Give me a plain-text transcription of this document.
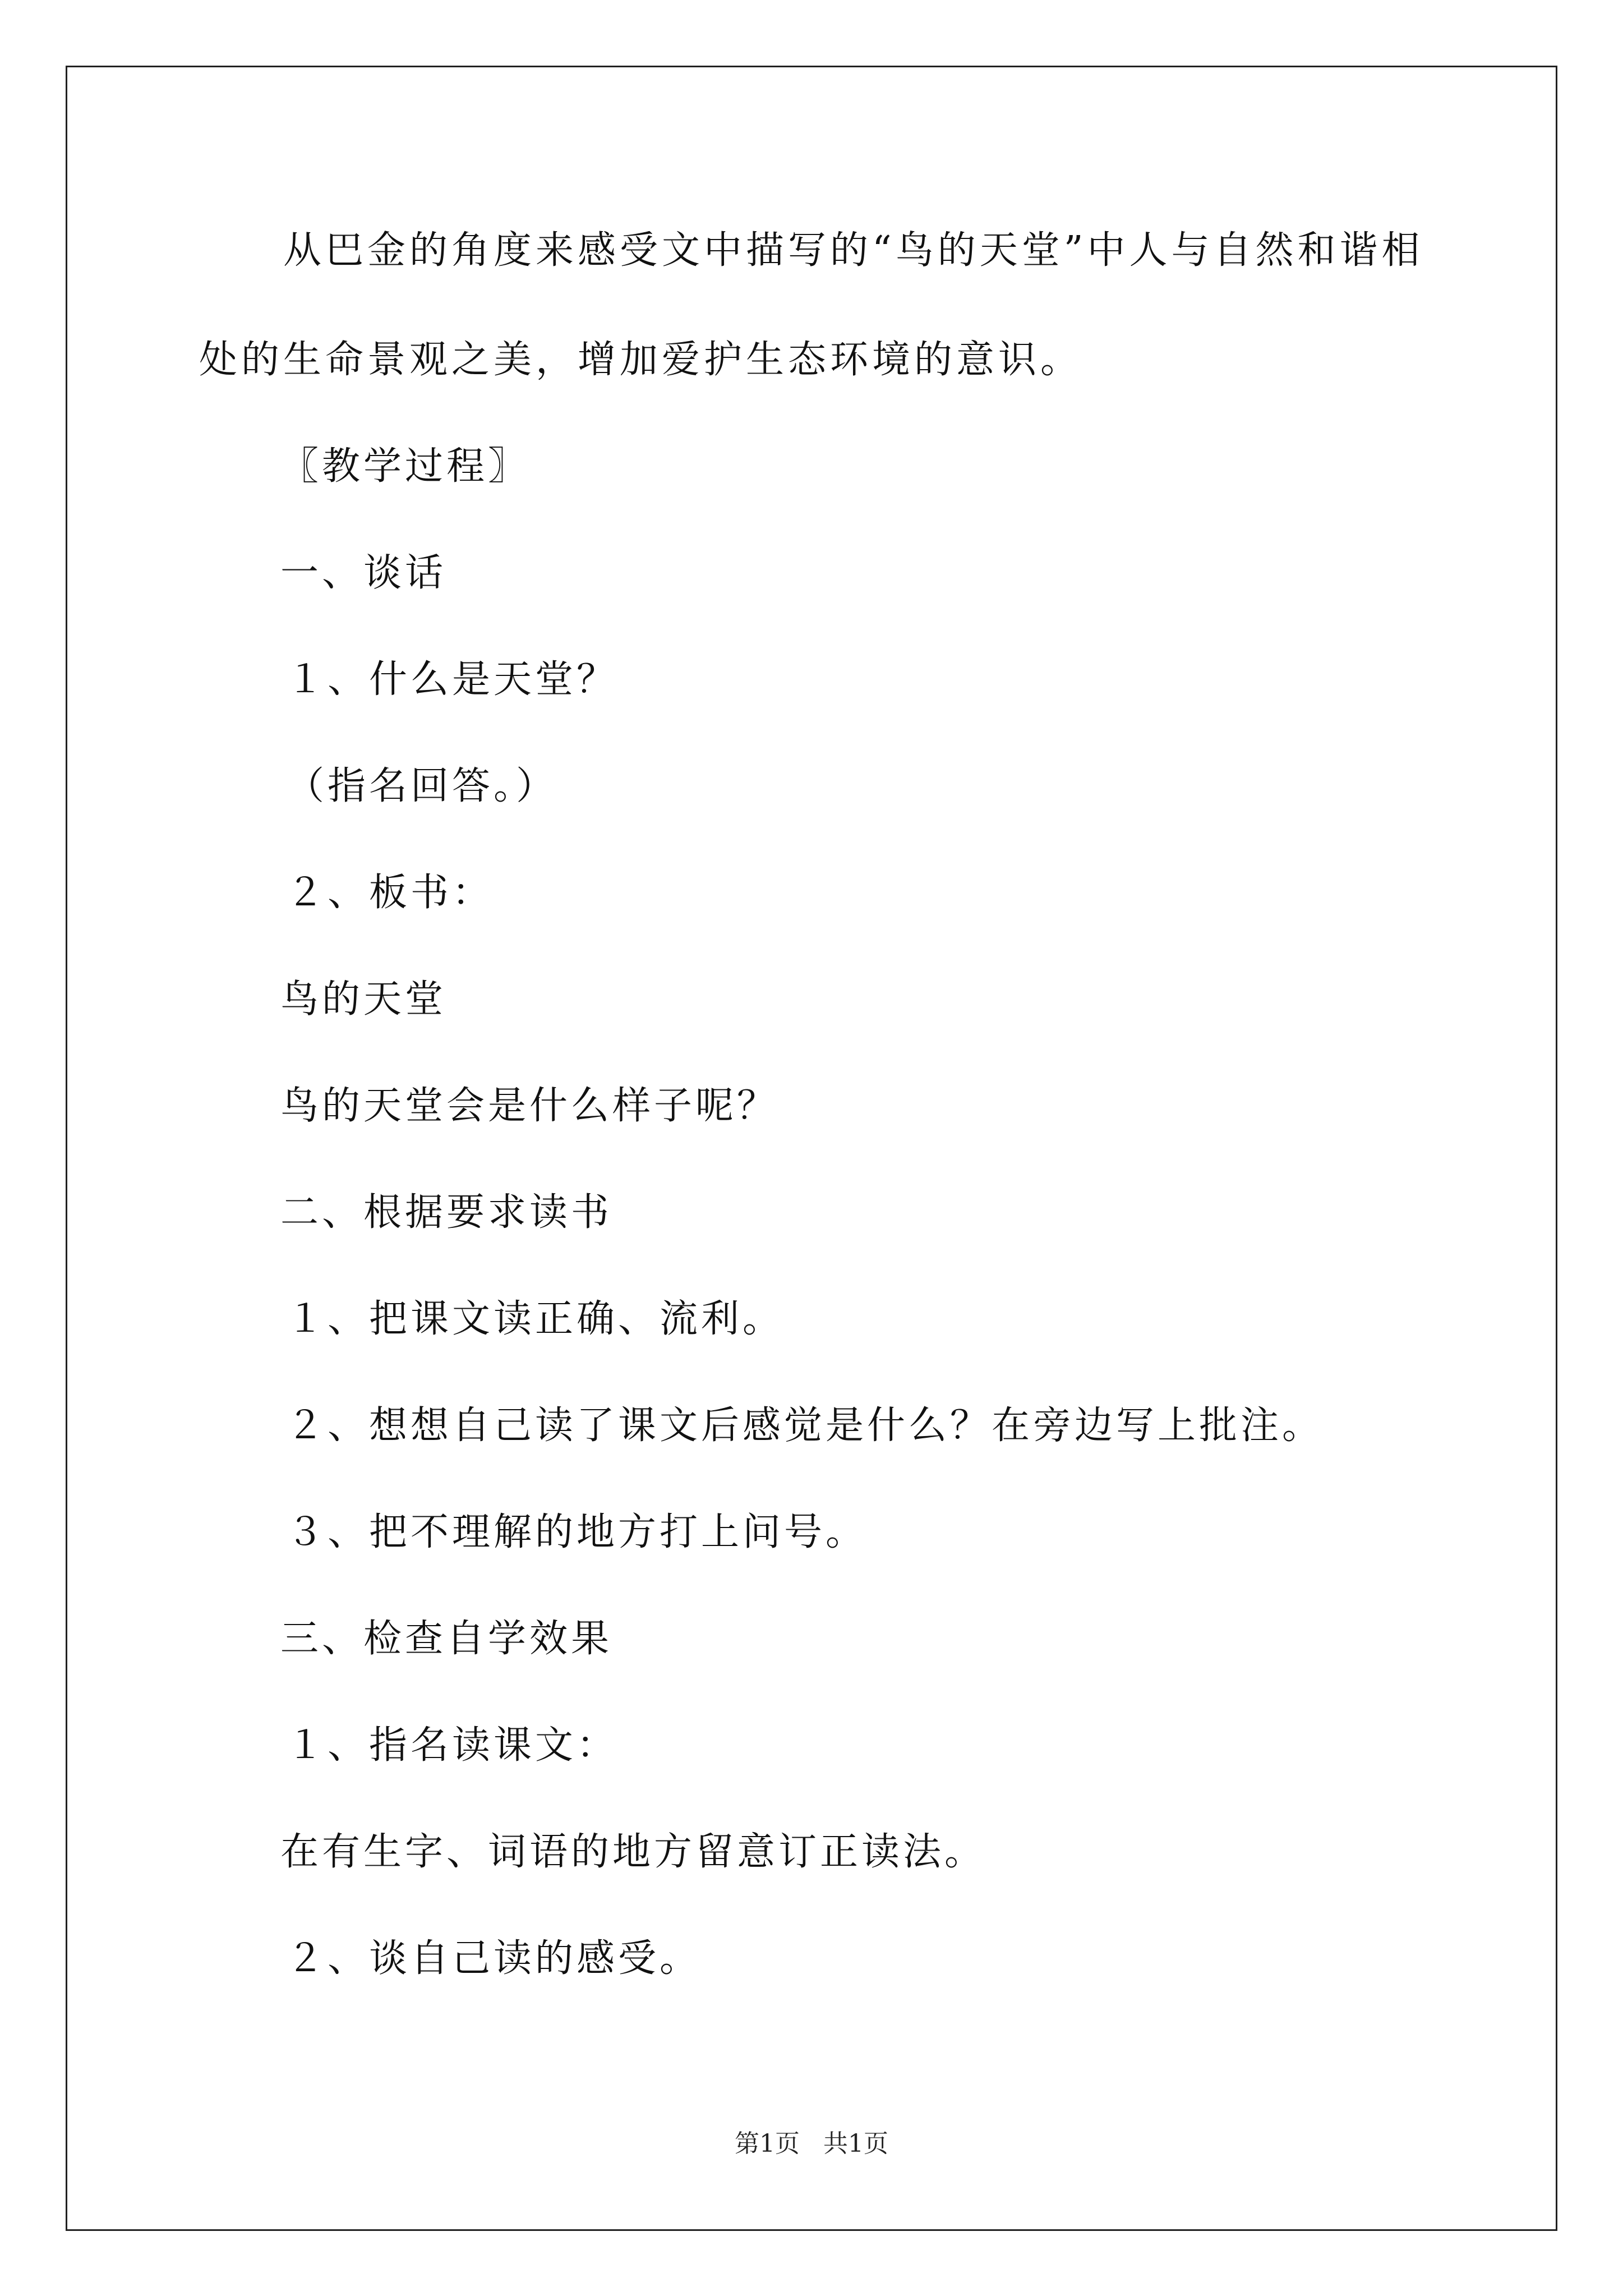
从巴金的角度来感受文中描写的“鸟的天堂”中人与自然和谐相
处的生命景观之美，增加爱护生态环境的意识。
〖教学过程〗
一、谈话
１、什么是天堂？
（指名回答。）
２、板书：
鸟的天堂
鸟的天堂会是什么样子呢？
二、根据要求读书
１、把课文读正确、流利。
２、想想自己读了课文后感觉是什么？在旁边写上批注。
３、把不理解的地方打上问号。
三、检查自学效果
１、指名读课文：
在有生字、词语的地方留意订正读法。
２、谈自己读的感受。
第1页 共1页
